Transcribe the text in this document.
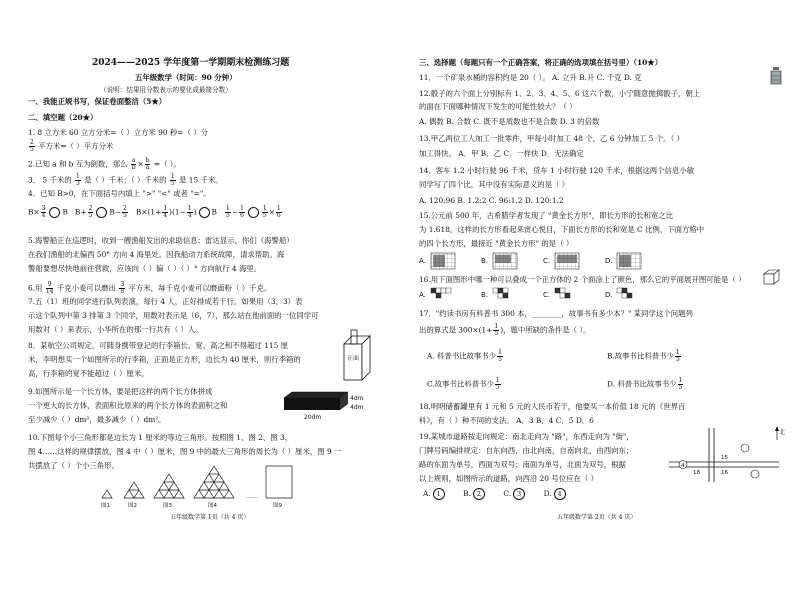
2024——2025 学年度第一学期期末检测练习题
五年级数学（时间：90 分钟）
（说明：结果用分数表示的要化成最简分数）
一、我能正规书写，保证卷面整洁（5★）
二、填空题（20★）
1. 8 立方米 60 立方分米=（ ）立方米 90 秒=（ ）分
$\frac{2}{5}$ 平方米=（ ）平方分米
2.已知 a 和 b 互为倒数，那么 $\frac{a}{b} \times \frac{b}{a}$ =（ ）。
3． 5 千米的 $\frac{1}{3}$ 是（ ）千米；（ ）千米的 $\frac{1}{5}$ 是 15 千米。
4．已知 B>0，在下面括号内填上 ">" "<" 或者 "="。
$B\times \frac{3}{4}$ B   $B+ \frac{2}{5} B- \frac{2}{5} B\times(1+ \frac{1}{4} )(1- \frac{1}{4}$ ) B $\frac{1}{5} - \frac{1}{6}$	$\frac{1}{5} \times \frac{1}{6}$
5.海警船正在巡逻时，收到一艘渔船发出的求助信息：雷达显示，你们（海警船）
在我们渔船的北偏西 50° 方向 4 海里处。因我船动力系统故障，请求帮助。海
警船要想尽快地前往营救，应该向（ ）偏（ ）（ ）° 方向航行 4 海里。
6.用 $\frac{9}{14}$ 千克小麦可以磨出 $\frac{3}{8}$ 平方米，每千克小麦可以磨面粉（ ）千克。
7.五（1）班的同学进行队列表演，每行 4 人，正好排成若干行。如果用（3，3）表
示这个队列中第 3 排第 3 个同学，用数对表示是（6，7），那么站在他前面的一位同学可
用数对（ ）来表示，小华所在的那一行共有（ ）人。
8．某航空公司规定，可随身携带登记的行李箱长、宽、高之和不得超过 115 厘
米，李明想买一个如图所示的行李箱，正面是正方形，边长为 40 厘米，则行李箱的
高，行李箱的宽不能超过（ ）厘米。
正面
9.如图所示是一个长方体，要是把这样的两个长方体拼成
一个更大的长方体，表面积比原来的两个长方体的表面积之和
至少减少（ ）dm²，最多减少（ ）dm²。
4dm
4dm
20dm
10.下图每个小三角形都是边长为 1 厘米的等边三角形。按照图 1、图 2、图 3、
图 4……这样的规律摆放，图 4 中（ ）厘米，图 9 中的最大三角形的周长为（ ）厘米，图 9 一
共摆放了（ ）个小三角形。
图1	图2	图3	图4
……
图9
五年级数学第 1页（共 4 页）
三、选择题（每题只有一个正确答案，将正确的选项填在括号里）（10★）
11．一个矿泉水桶的容积约是 20（ ）。 A. 立升 B.升 C. 千克 D. 克
12.骰子的六个面上分别标有 1、2、3、4、5、6 这六个数，小宁随意抛掷骰子，朝上
的面在下面哪种情况下发生的可能性较大？（ ）
A. 偶数 B. 合数 C. 既不是质数也不是合数 D. 3 的倍数
13.甲乙两位工人加工一批零件，甲每小时加工 48 个，乙 6 分钟加工 5 个。（ ）
加工得快。 A．甲 B．乙 C．一样快 D．无法确定
14．客车 1.2 小时行驶 96 千米，货车 1 小时行驶 120 千米，根据这两个信息小敏
同学写了四个比，其中没有实际意义的是（ ）
A. 120:96 B. 1.2:2 C. 96:1.2 D. 120:1.2
15.公元前 500 年，古希腊学者发现了 "黄金长方形"，即长方形的长和宽之比
为 1.618，这样的长方形看起来赏心悦目，下面长方形的长和宽是 C 比例，下面方格中
的四个长方形，最接近 "黄金长方形" 的是（ ）
A.	B.	C.	D.
16.用下面图形中哪一种可以叠成一个正方体的 2 个面涂上了颜色，那么它的平面展开图可能是（ ）
A.	B.	C.	D.
17．"约读书房有科普书 300 本，________，故事书有多少本？" 某同学这个问题列
出的算式是 $300\times(1+ \frac{1}{5}$ )，题中所缺的条件是（ ）。
A. 科普书比故事书少 $\frac{1}{5}$	B.故事书比科普书少 $\frac{1}{5}$
C.故事书比科普书少 $\frac{1}{5}$	D. 科普书比故事书少 $\frac{1}{5}$
18.明明储蓄罐里有 1 元和 5 元的人民币若干，他要买一本价值 18 元的《世界百
科》，有（ ）种不同的支法。 A．3 B．4 C．5 D．6
19.某城市道路按走向规定：南北走向为 "路"，东西走向为 "街"，
门牌号码编排规定：自东向西，由北向南，自南向北，由西向东；
路的东面为单号，西面为双号；南面为单号，北面为双号，根据
以上规则，如图所示的道路，向西沿 20 号位应在（ ）
北
4
18
15
16
A. 1	B. 2	C. 3	D. 4
五年级数学第 2页（共 4 页）
